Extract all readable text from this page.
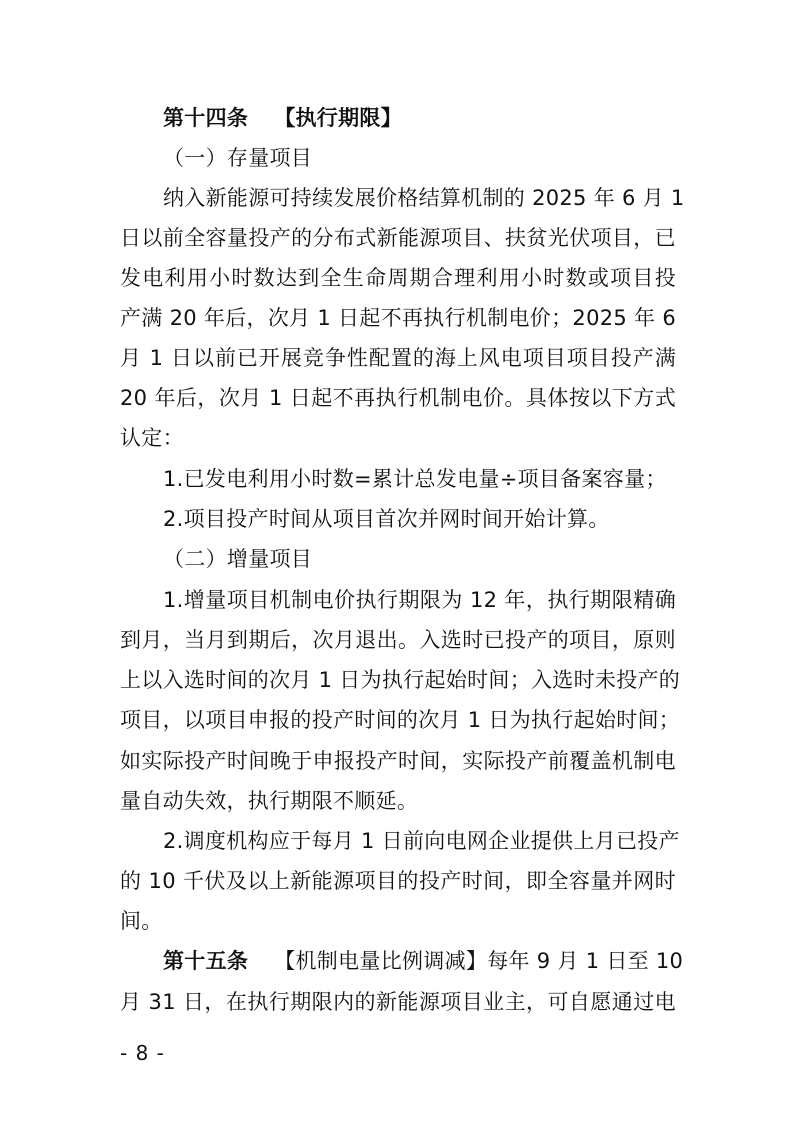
第十四条 【执行期限】
（一）存量项目
纳入新能源可持续发展价格结算机制的 2025 年 6 月 1
日以前全容量投产的分布式新能源项目、扶贫光伏项目，已
发电利用小时数达到全生命周期合理利用小时数或项目投
产满 20 年后，次月 1 日起不再执行机制电价；2025 年 6
月 1 日以前已开展竞争性配置的海上风电项目项目投产满
20 年后，次月 1 日起不再执行机制电价。具体按以下方式
认定：
1.已发电利用小时数=累计总发电量÷项目备案容量；
2.项目投产时间从项目首次并网时间开始计算。
（二）增量项目
1.增量项目机制电价执行期限为 12 年，执行期限精确
到月，当月到期后，次月退出。入选时已投产的项目，原则
上以入选时间的次月 1 日为执行起始时间；入选时未投产的
项目，以项目申报的投产时间的次月 1 日为执行起始时间；
如实际投产时间晚于申报投产时间，实际投产前覆盖机制电
量自动失效，执行期限不顺延。
2.调度机构应于每月 1 日前向电网企业提供上月已投产
的 10 千伏及以上新能源项目的投产时间，即全容量并网时
间。
第十五条 【机制电量比例调减】每年 9 月 1 日至 10
月 31 日，在执行期限内的新能源项目业主，可自愿通过电
- 8 -
